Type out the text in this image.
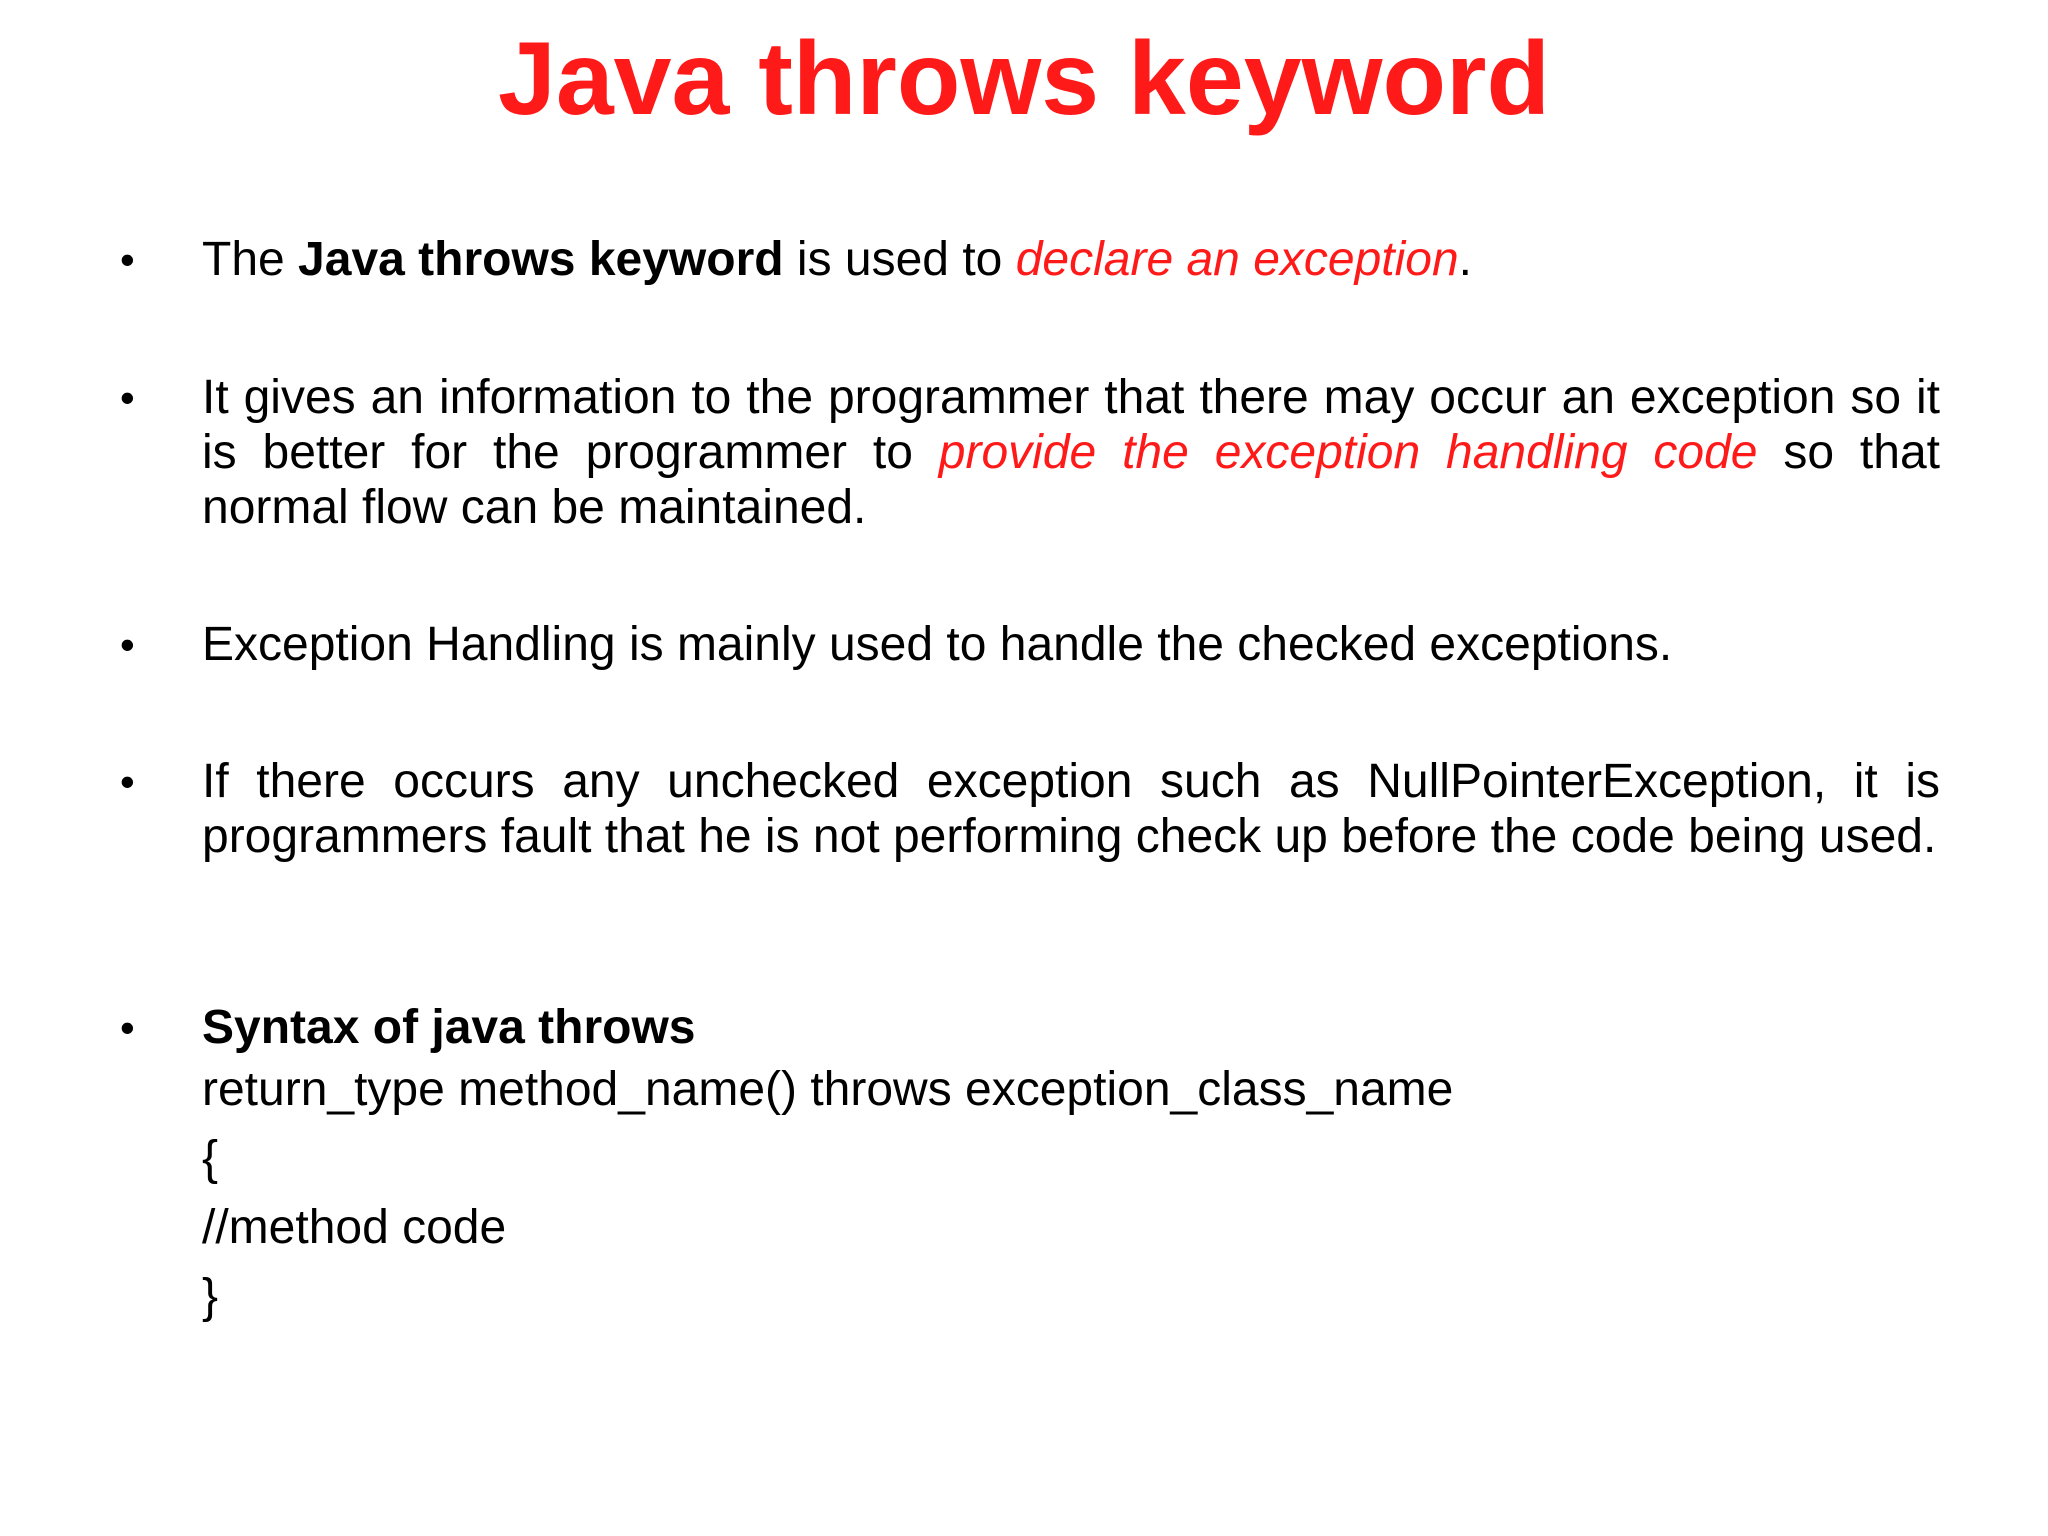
Java throws keyword
•	The Java throws keyword is used to declare an exception.
•	It gives an information to the programmer that there may occur an exception so it is better for the programmer to provide the exception handling code so that normal flow can be maintained.
•	Exception Handling is mainly used to handle the checked exceptions.
•	If there occurs any unchecked exception such as NullPointerException, it is programmers fault that he is not performing check up before the code being used.
•	Syntax of java throws
return_type method_name() throws exception_class_name
{
//method code
}
